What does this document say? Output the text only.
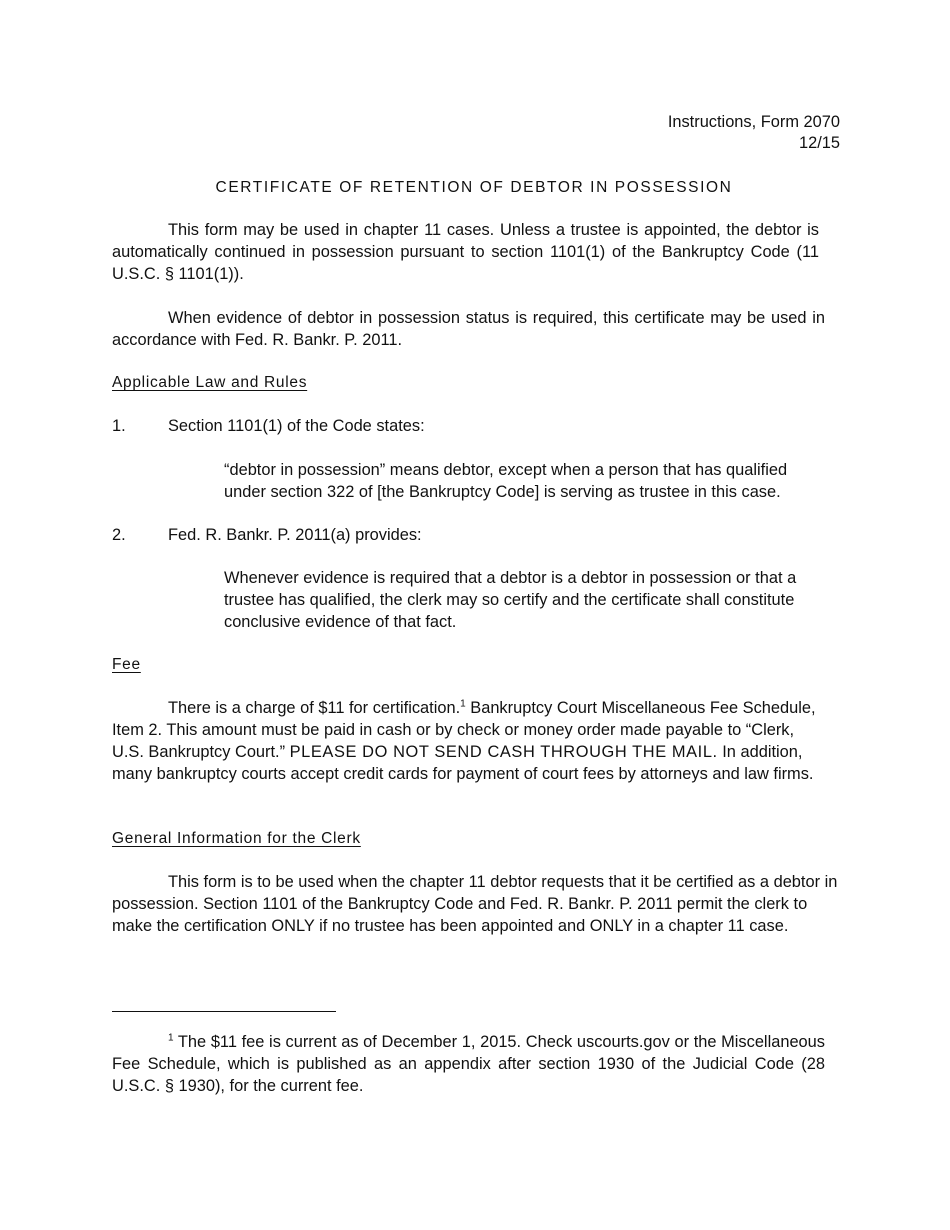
Instructions, Form 2070
12/15
CERTIFICATE OF RETENTION OF DEBTOR IN POSSESSION

This form may be used in chapter 11 cases. Unless a trustee is appointed, the debtor is automatically continued in possession pursuant to section 1101(1) of the Bankruptcy Code (11 U.S.C. § 1101(1)).

When evidence of debtor in possession status is required, this certificate may be used in accordance with Fed. R. Bankr. P. 2011.

Applicable Law and Rules
1.	Section 1101(1) of the Code states:

“debtor in possession” means debtor, except when a person that has qualified under section 322 of [the Bankruptcy Code] is serving as trustee in this case.

2.	Fed. R. Bankr. P. 2011(a) provides:

Whenever evidence is required that a debtor is a debtor in possession or that a trustee has qualified, the clerk may so certify and the certificate shall constitute conclusive evidence of that fact.

Fee

There is a charge of $11 for certification.$^1$ Bankruptcy Court Miscellaneous Fee Schedule, Item 2. This amount must be paid in cash or by check or money order made payable to “Clerk, U.S. Bankruptcy Court.” PLEASE DO NOT SEND CASH THROUGH THE MAIL. In addition, many bankruptcy courts accept credit cards for payment of court fees by attorneys and law firms.

General Information for the Clerk

This form is to be used when the chapter 11 debtor requests that it be certified as a debtor in possession. Section 1101 of the Bankruptcy Code and Fed. R. Bankr. P. 2011 permit the clerk to make the certification ONLY if no trustee has been appointed and ONLY in a chapter 11 case.

$^1$ The $11 fee is current as of December 1, 2015. Check uscourts.gov or the Miscellaneous Fee Schedule, which is published as an appendix after section 1930 of the Judicial Code (28 U.S.C. § 1930), for the current fee.
